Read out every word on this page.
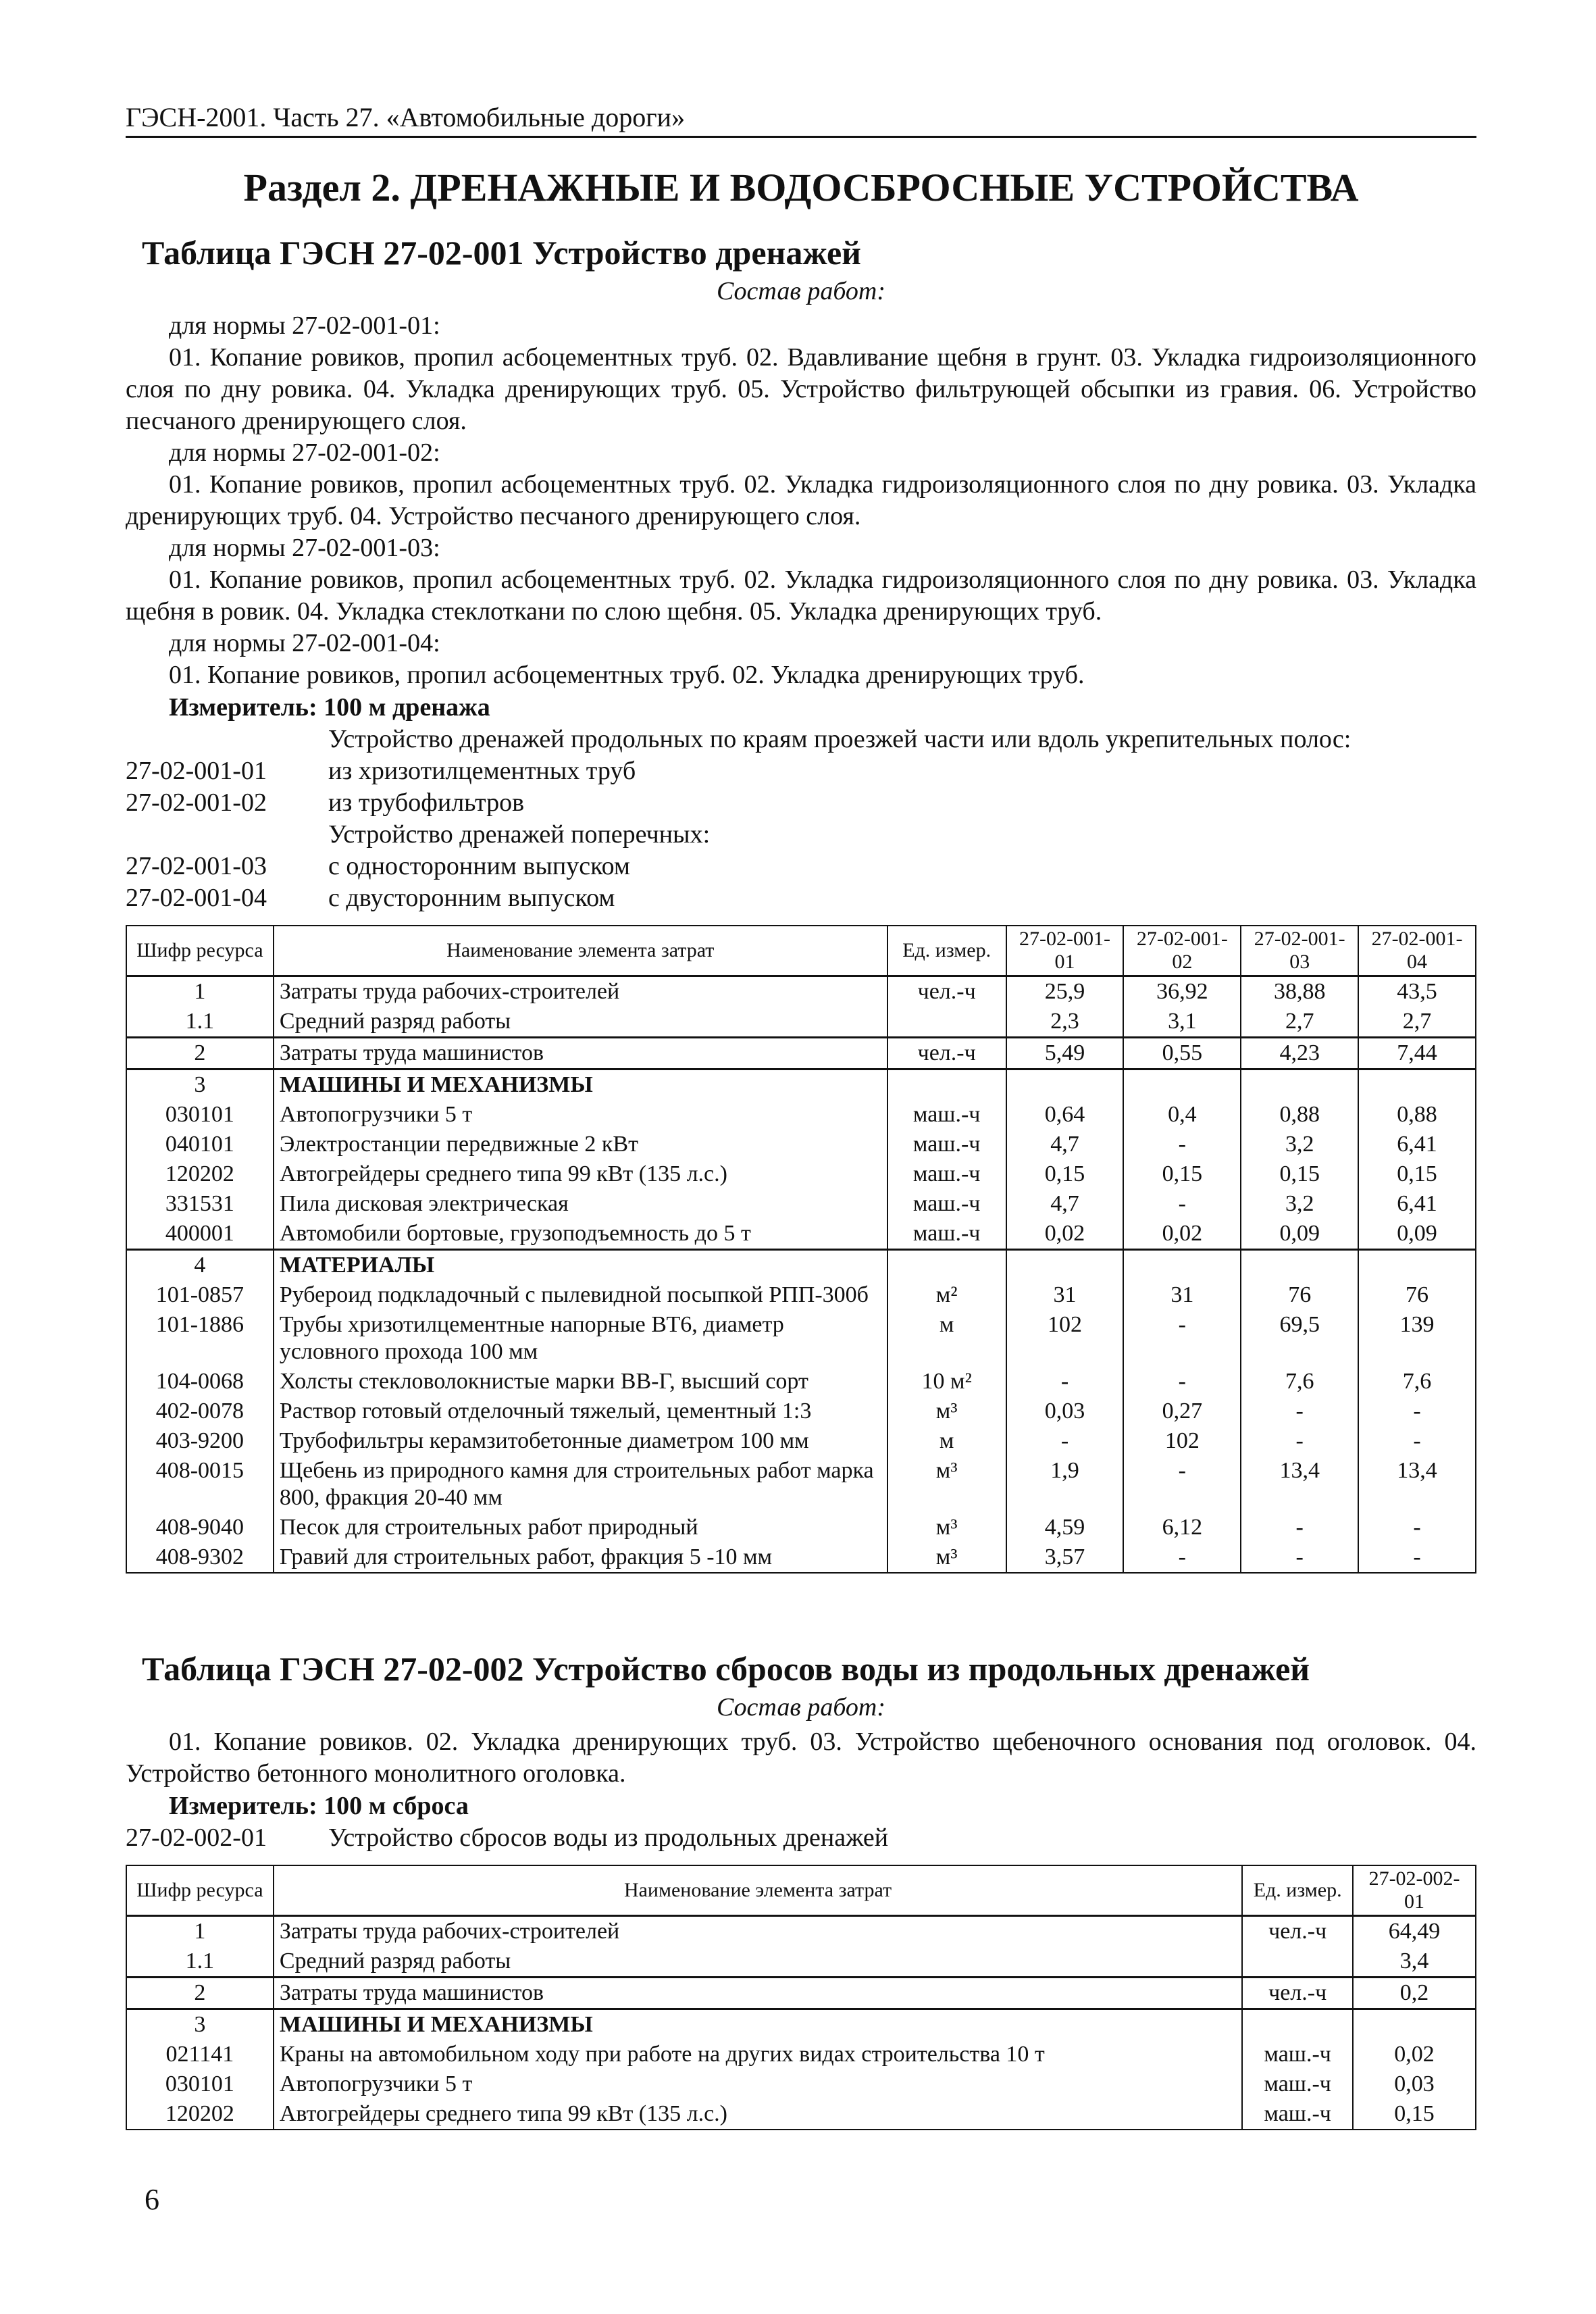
ГЭСН-2001. Часть 27. «Автомобильные дороги»
Раздел 2. ДРЕНАЖНЫЕ И ВОДОСБРОСНЫЕ УСТРОЙСТВА
Таблица ГЭСН 27-02-001 Устройство дренажей
Состав работ:
для нормы 27-02-001-01:
01. Копание ровиков, пропил асбоцементных труб. 02. Вдавливание щебня в грунт. 03. Укладка гидроизоляционного слоя по дну ровика. 04. Укладка дренирующих труб. 05. Устройство фильтрующей обсыпки из гравия. 06. Устройство песчаного дренирующего слоя.
для нормы 27-02-001-02:
01. Копание ровиков, пропил асбоцементных труб. 02. Укладка гидроизоляционного слоя по дну ровика. 03. Укладка дренирующих труб. 04. Устройство песчаного дренирующего слоя.
для нормы 27-02-001-03:
01. Копание ровиков, пропил асбоцементных труб. 02. Укладка гидроизоляционного слоя по дну ровика. 03. Укладка щебня в ровик. 04. Укладка стеклоткани по слою щебня. 05. Укладка дренирующих труб.
для нормы 27-02-001-04:
01. Копание ровиков, пропил асбоцементных труб. 02. Укладка дренирующих труб.
Измеритель: 100 м дренажа
Устройство дренажей продольных по краям проезжей части или вдоль укрепительных полос:
27-02-001-01	из хризотилцементных труб
27-02-001-02	из трубофильтров
Устройство дренажей поперечных:
27-02-001-03	с односторонним выпуском
27-02-001-04	с двусторонним выпуском
Шифр ресурса	Наименование элемента затрат	Ед. измер.	27-02-001-01	27-02-001-02	27-02-001-03	27-02-001-04
1	Затраты труда рабочих-строителей	чел.-ч	25,9	36,92	38,88	43,5
1.1	Средний разряд работы		2,3	3,1	2,7	2,7
2	Затраты труда машинистов	чел.-ч	5,49	0,55	4,23	7,44
3	МАШИНЫ И МЕХАНИЗМЫ					
030101	Автопогрузчики 5 т	маш.-ч	0,64	0,4	0,88	0,88
040101	Электростанции передвижные 2 кВт	маш.-ч	4,7	-	3,2	6,41
120202	Автогрейдеры среднего типа 99 кВт (135 л.с.)	маш.-ч	0,15	0,15	0,15	0,15
331531	Пила дисковая электрическая	маш.-ч	4,7	-	3,2	6,41
400001	Автомобили бортовые, грузоподъемность до 5 т	маш.-ч	0,02	0,02	0,09	0,09
4	МАТЕРИАЛЫ					
101-0857	Рубероид подкладочный с пылевидной посыпкой РПП-300б	м²	31	31	76	76
101-1886	Трубы хризотилцементные напорные ВТ6, диаметр условного прохода 100 мм	м	102	-	69,5	139
104-0068	Холсты стекловолокнистые марки ВВ-Г, высший сорт	10 м²	-	-	7,6	7,6
402-0078	Раствор готовый отделочный тяжелый, цементный 1:3	м³	0,03	0,27	-	-
403-9200	Трубофильтры керамзитобетонные диаметром 100 мм	м	-	102	-	-
408-0015	Щебень из природного камня для строительных работ марка 800, фракция 20-40 мм	м³	1,9	-	13,4	13,4
408-9040	Песок для строительных работ природный	м³	4,59	6,12	-	-
408-9302	Гравий для строительных работ, фракция 5 -10 мм	м³	3,57	-	-	-
Таблица ГЭСН 27-02-002 Устройство сбросов воды из продольных дренажей
Состав работ:
01. Копание ровиков. 02. Укладка дренирующих труб. 03. Устройство щебеночного основания под оголовок. 04. Устройство бетонного монолитного оголовка.
Измеритель: 100 м сброса
27-02-002-01	Устройство сбросов воды из продольных дренажей
Шифр ресурса	Наименование элемента затрат	Ед. измер.	27-02-002-01
1	Затраты труда рабочих-строителей	чел.-ч	64,49
1.1	Средний разряд работы		3,4
2	Затраты труда машинистов	чел.-ч	0,2
3	МАШИНЫ И МЕХАНИЗМЫ		
021141	Краны на автомобильном ходу при работе на других видах строительства 10 т	маш.-ч	0,02
030101	Автопогрузчики 5 т	маш.-ч	0,03
120202	Автогрейдеры среднего типа 99 кВт (135 л.с.)	маш.-ч	0,15
6
